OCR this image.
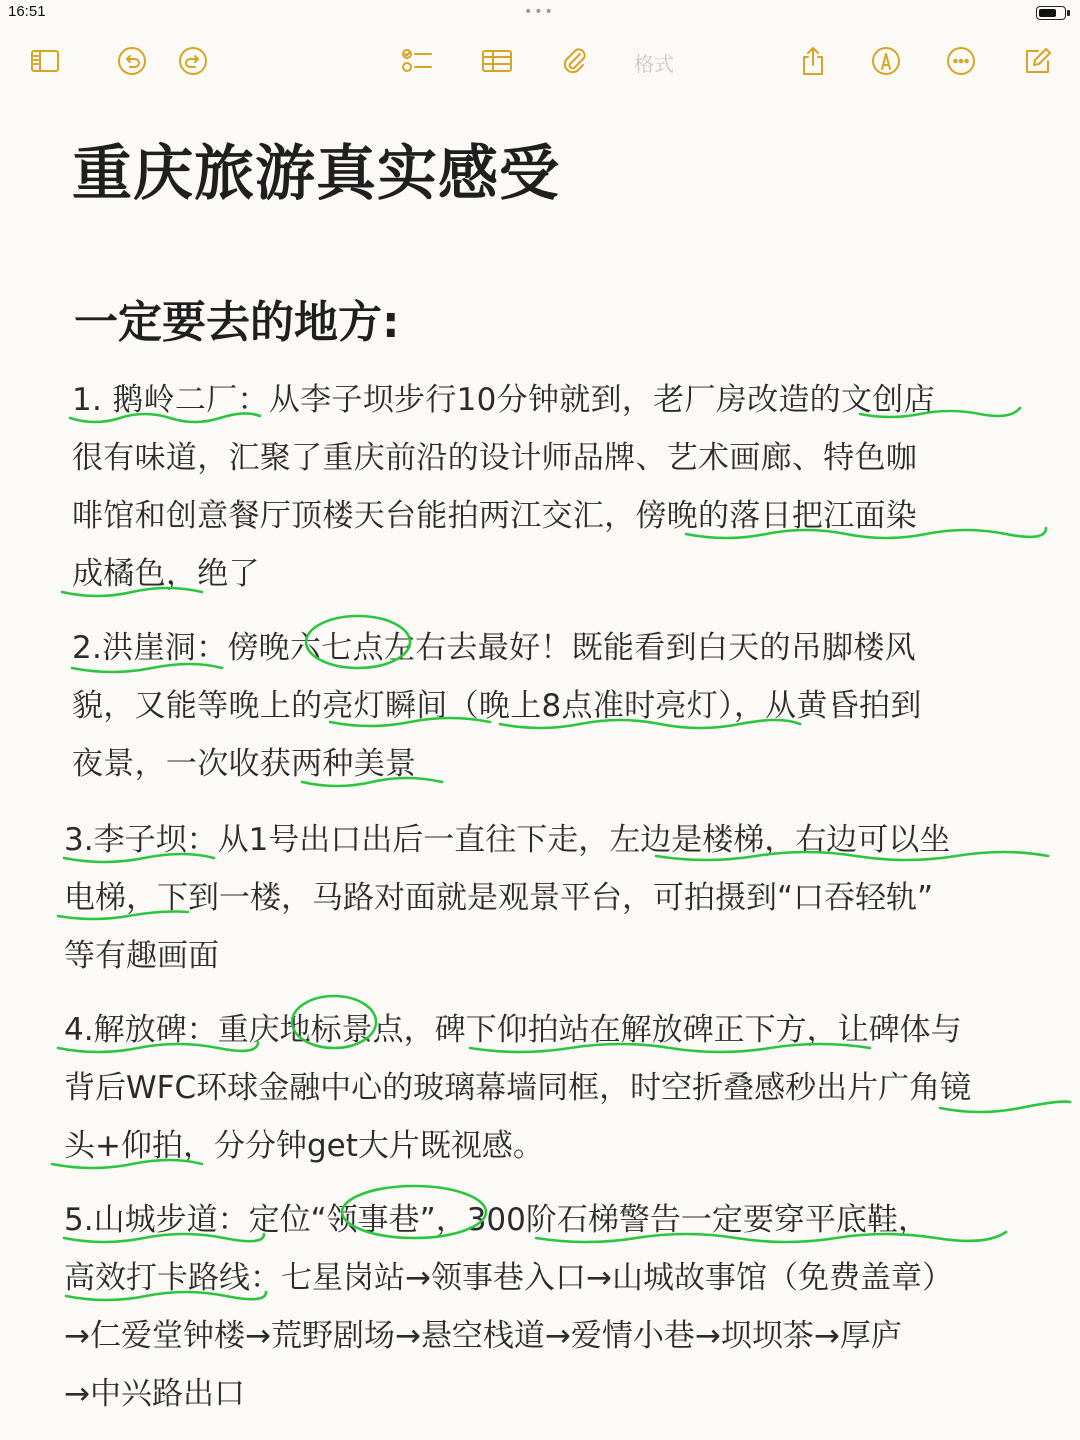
16:51	•••
格式
重庆旅游真实感受
一定要去的地方:
1. 鹅岭二厂：从李子坝步行10分钟就到，老厂房改造的文创店
很有味道，汇聚了重庆前沿的设计师品牌、艺术画廊、特色咖
啡馆和创意餐厅顶楼天台能拍两江交汇，傍晚的落日把江面染
成橘色，绝了
2.洪崖洞：傍晚六七点左右去最好！既能看到白天的吊脚楼风
貌，又能等晚上的亮灯瞬间（晚上8点准时亮灯），从黄昏拍到
夜景，一次收获两种美景
3.李子坝：从1号出口出后一直往下走，左边是楼梯，右边可以坐
电梯，下到一楼，马路对面就是观景平台，可拍摄到“口吞轻轨”
等有趣画面
4.解放碑：重庆地标景点，碑下仰拍站在解放碑正下方，让碑体与
背后WFC环球金融中心的玻璃幕墙同框，时空折叠感秒出片广角镜
头+仰拍，分分钟get大片既视感。
5.山城步道：定位“领事巷”，300阶石梯警告一定要穿平底鞋，
高效打卡路线：七星岗站→领事巷入口→山城故事馆（免费盖章）
→仁爱堂钟楼→荒野剧场→悬空栈道→爱情小巷→坝坝茶→厚庐
→中兴路出口
